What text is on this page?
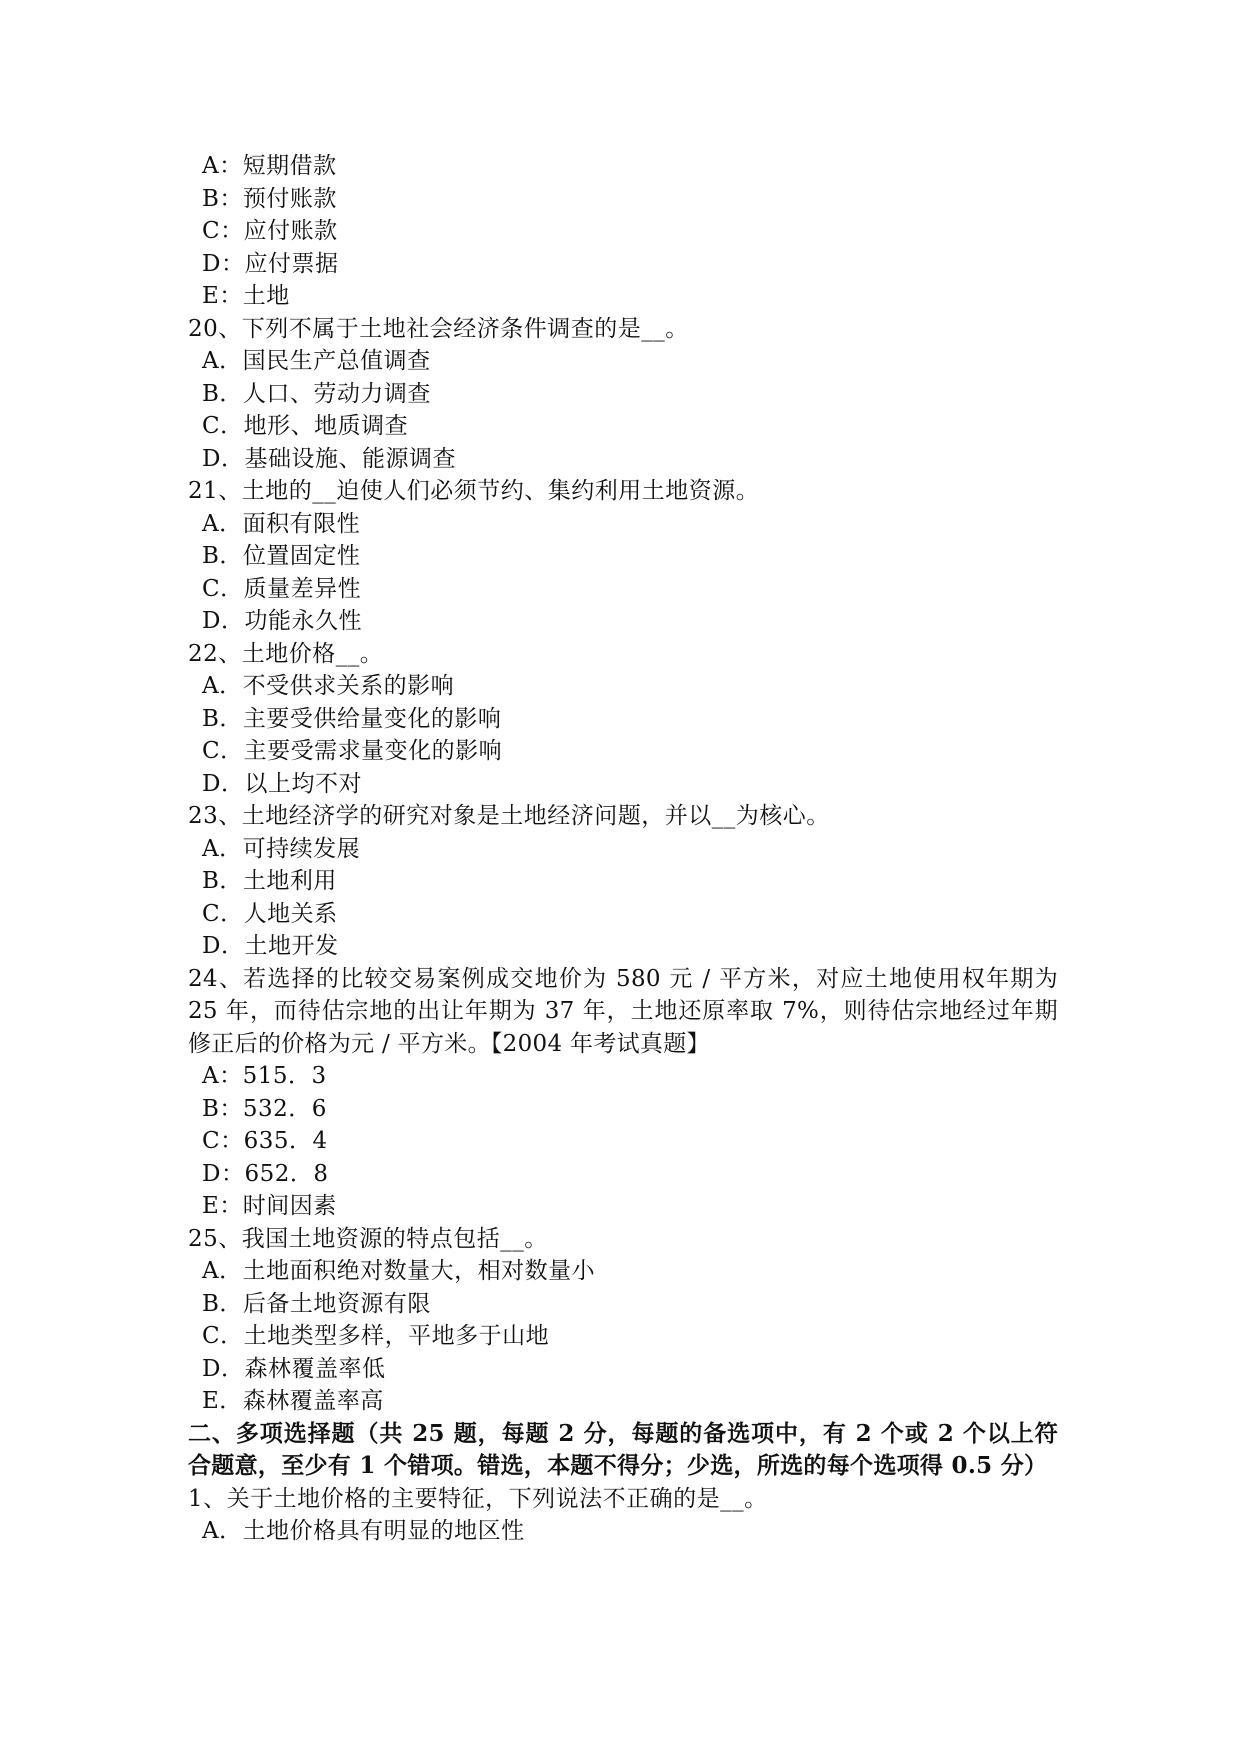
A：短期借款
B：预付账款
C：应付账款
D：应付票据
E：土地
20、下列不属于土地社会经济条件调查的是__。
A．国民生产总值调查
B．人口、劳动力调查
C．地形、地质调查
D．基础设施、能源调查
21、土地的__迫使人们必须节约、集约利用土地资源。
A．面积有限性
B．位置固定性
C．质量差异性
D．功能永久性
22、土地价格__。
A．不受供求关系的影响
B．主要受供给量变化的影响
C．主要受需求量变化的影响
D．以上均不对
23、土地经济学的研究对象是土地经济问题，并以__为核心。
A．可持续发展
B．土地利用
C．人地关系
D．土地开发
24、若选择的比较交易案例成交地价为 580 元 / 平方米，对应土地使用权年期为 25 年，而待估宗地的出让年期为 37 年，土地还原率取 7%，则待估宗地经过年期修正后的价格为元 / 平方米。【2004 年考试真题】
A：515．3
B：532．6
C：635．4
D：652．8
E：时间因素
25、我国土地资源的特点包括__。
A．土地面积绝对数量大，相对数量小
B．后备土地资源有限
C．土地类型多样，平地多于山地
D．森林覆盖率低
E．森林覆盖率高
二、多项选择题（共 25 题，每题 2 分，每题的备选项中，有 2 个或 2 个以上符合题意，至少有 1 个错项。错选，本题不得分；少选，所选的每个选项得 0.5 分）
1、关于土地价格的主要特征，下列说法不正确的是__。
A．土地价格具有明显的地区性
